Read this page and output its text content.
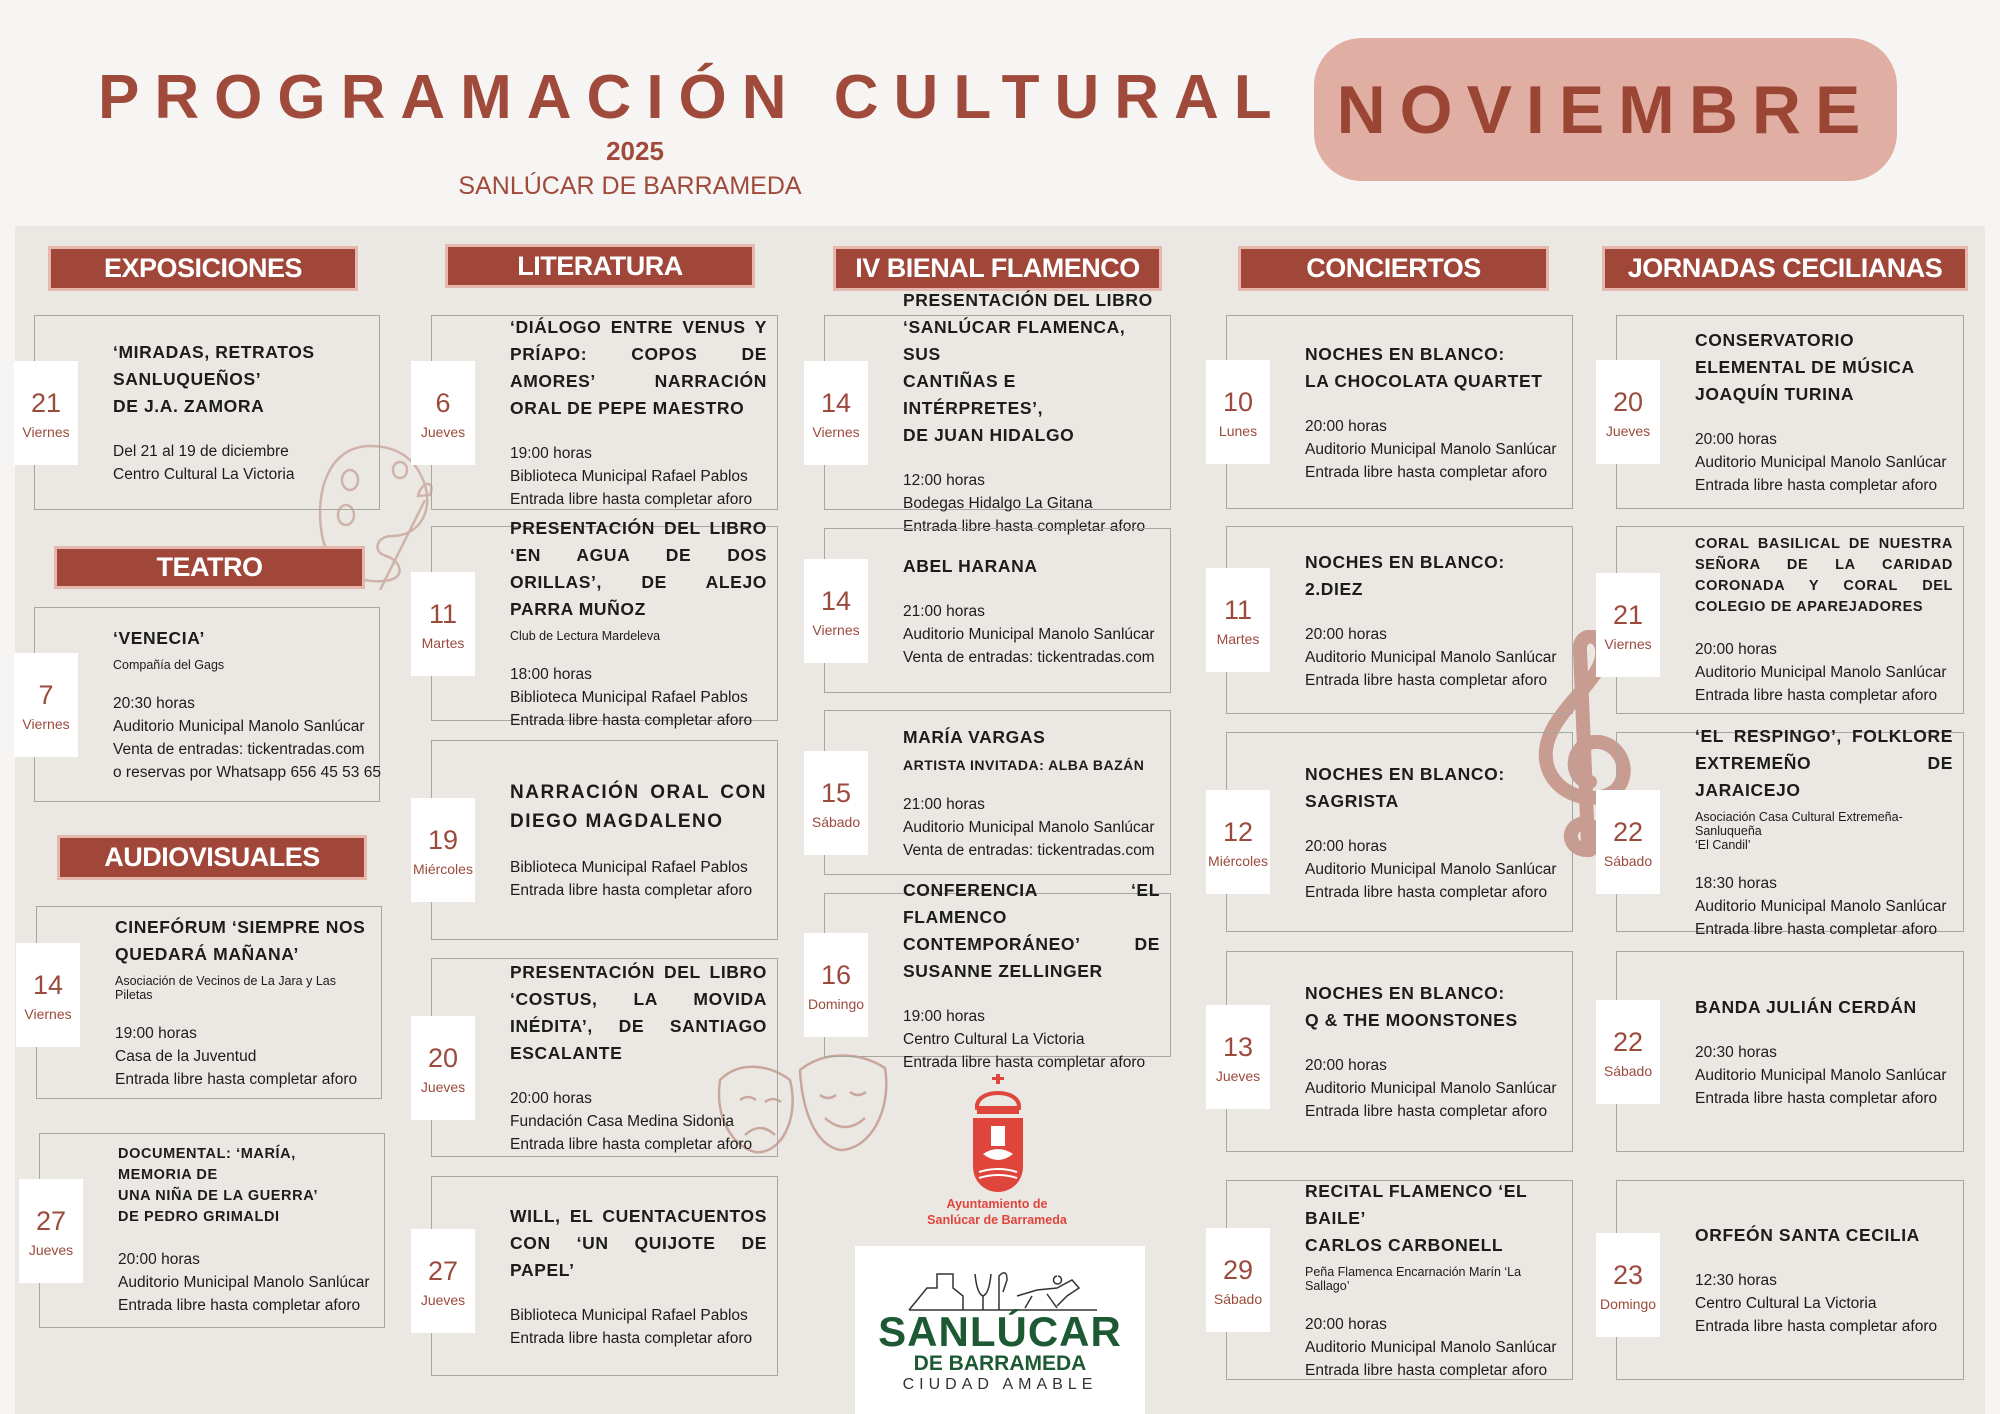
PROGRAMACIÓN CULTURAL
2025
SANLÚCAR DE BARRAMEDA
NOVIEMBRE
Ayuntamiento de
Sanlúcar de Barrameda
SANLÚCAR
DE BARRAMEDA
CIUDAD AMABLE
EXPOSICIONES
‘MIRADAS, RETRATOS
SANLUQUEÑOS’
DE J.A. ZAMORA
Del 21 al 19 de diciembre
Centro Cultural La Victoria
21
Viernes
TEATRO
‘VENECIA’
Compañía del Gags
20:30 horas
Auditorio Municipal Manolo Sanlúcar
Venta de entradas: tickentradas.com
o reservas por Whatsapp 656 45 53 65
7
Viernes
AUDIOVISUALES
CINEFÓRUM ‘SIEMPRE NOS
QUEDARÁ MAÑANA’
Asociación de Vecinos de La Jara y Las Piletas
19:00 horas
Casa de la Juventud
Entrada libre hasta completar aforo
14
Viernes
DOCUMENTAL: ‘MARÍA, MEMORIA DE
UNA NIÑA DE LA GUERRA’
DE PEDRO GRIMALDI
20:00 horas
Auditorio Municipal Manolo Sanlúcar
Entrada libre hasta completar aforo
27
Jueves
LITERATURA
‘DIÁLOGO ENTRE VENUS Y PRÍAPO: COPOS DE AMORES’ NARRACIÓN ORAL DE PEPE MAESTRO
19:00 horas
Biblioteca Municipal Rafael Pablos
Entrada libre hasta completar aforo
6
Jueves
PRESENTACIÓN DEL LIBRO ‘EN AGUA DE DOS ORILLAS’, DE ALEJO PARRA MUÑOZ
Club de Lectura Mardeleva
18:00 horas
Biblioteca Municipal Rafael Pablos
Entrada libre hasta completar aforo
11
Martes
NARRACIÓN ORAL CON DIEGO MAGDALENO
Biblioteca Municipal Rafael Pablos
Entrada libre hasta completar aforo
19
Miércoles
PRESENTACIÓN DEL LIBRO ‘COSTUS, LA MOVIDA INÉDITA’, DE SANTIAGO ESCALANTE
20:00 horas
Fundación Casa Medina Sidonia
Entrada libre hasta completar aforo
20
Jueves
WILL, EL CUENTACUENTOS CON ‘UN QUIJOTE DE PAPEL’
Biblioteca Municipal Rafael Pablos
Entrada libre hasta completar aforo
27
Jueves
IV BIENAL FLAMENCO
PRESENTACIÓN DEL LIBRO
‘SANLÚCAR FLAMENCA, SUS
CANTIÑAS E INTÉRPRETES’,
DE JUAN HIDALGO
12:00 horas
Bodegas Hidalgo La Gitana
Entrada libre hasta completar aforo
14
Viernes
ABEL HARANA
21:00 horas
Auditorio Municipal Manolo Sanlúcar
Venta de entradas: tickentradas.com
14
Viernes
MARÍA VARGAS
ARTISTA INVITADA: ALBA BAZÁN
21:00 horas
Auditorio Municipal Manolo Sanlúcar
Venta de entradas: tickentradas.com
15
Sábado
CONFERENCIA ‘EL FLAMENCO CONTEMPORÁNEO’ DE SUSANNE ZELLINGER
19:00 horas
Centro Cultural La Victoria
Entrada libre hasta completar aforo
16
Domingo
CONCIERTOS
NOCHES EN BLANCO:
LA CHOCOLATA QUARTET
20:00 horas
Auditorio Municipal Manolo Sanlúcar
Entrada libre hasta completar aforo
10
Lunes
NOCHES EN BLANCO:
2.DIEZ
20:00 horas
Auditorio Municipal Manolo Sanlúcar
Entrada libre hasta completar aforo
11
Martes
NOCHES EN BLANCO:
SAGRISTA
20:00 horas
Auditorio Municipal Manolo Sanlúcar
Entrada libre hasta completar aforo
12
Miércoles
NOCHES EN BLANCO:
Q & THE MOONSTONES
20:00 horas
Auditorio Municipal Manolo Sanlúcar
Entrada libre hasta completar aforo
13
Jueves
RECITAL FLAMENCO ‘EL BAILE’
CARLOS CARBONELL
Peña Flamenca Encarnación Marín ‘La Sallago’
20:00 horas
Auditorio Municipal Manolo Sanlúcar
Entrada libre hasta completar aforo
29
Sábado
JORNADAS CECILIANAS
CONSERVATORIO ELEMENTAL DE MÚSICA JOAQUÍN TURINA
20:00 horas
Auditorio Municipal Manolo Sanlúcar
Entrada libre hasta completar aforo
20
Jueves
CORAL BASILICAL DE NUESTRA SEÑORA DE LA CARIDAD CORONADA Y CORAL DEL COLEGIO DE APAREJADORES
20:00 horas
Auditorio Municipal Manolo Sanlúcar
Entrada libre hasta completar aforo
21
Viernes
‘EL RESPINGO’, FOLKLORE EXTREMEÑO DE JARAICEJO
Asociación Casa Cultural Extremeña-Sanluqueña
‘El Candil’
18:30 horas
Auditorio Municipal Manolo Sanlúcar
Entrada libre hasta completar aforo
22
Sábado
BANDA JULIÁN CERDÁN
20:30 horas
Auditorio Municipal Manolo Sanlúcar
Entrada libre hasta completar aforo
22
Sábado
ORFEÓN SANTA CECILIA
12:30 horas
Centro Cultural La Victoria
Entrada libre hasta completar aforo
23
Domingo
